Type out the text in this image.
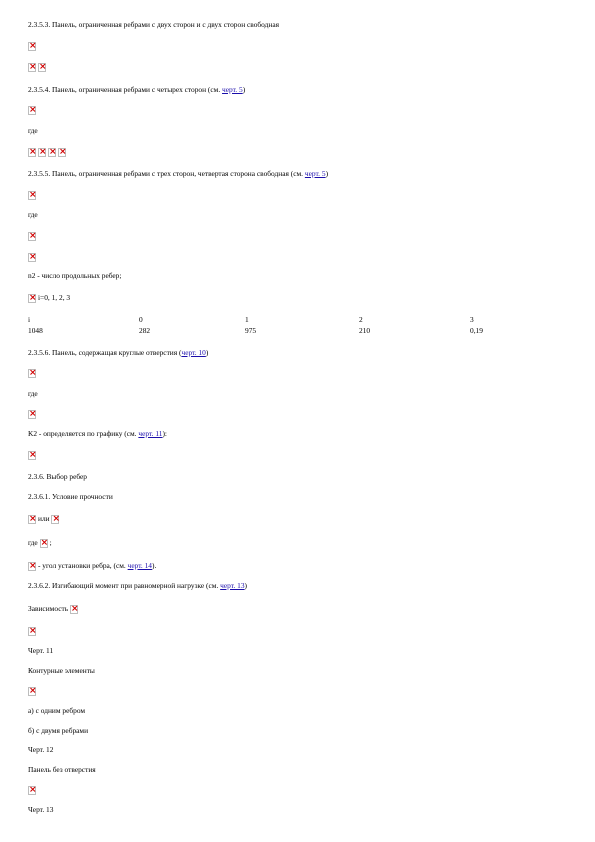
2.3.5.3. Панель, ограниченная ребрами с двух сторон и с двух сторон свободная
×
××
2.3.5.4. Панель, ограниченная ребрами с четырех сторон (см. черт. 5)
×
где
××××
2.3.5.5. Панель, ограниченная ребрами с трех сторон, четвертая сторона свободная (см. черт. 5)
×
где
×
×
n2 - число продольных ребер;
×i=0, 1, 2, 3
i	0	1	2	3
1048	282	975	210	0,19
2.3.5.6. Панель, содержащая круглые отверстия (черт. 10)
×
где
×
K2 - определяется по графику (см. черт. 11):
×
2.3.6. Выбор ребер
2.3.6.1. Условие прочности
×или ×
где × ;
×- угол установки ребра, (см. черт. 14).
2.3.6.2. Изгибающий момент при равномерной нагрузке (см. черт. 13)
Зависимость ×
×
Черт. 11
Контурные элементы
×
а) с одним ребром
б) с двумя ребрами
Черт. 12
Панель без отверстия
×
Черт. 13
